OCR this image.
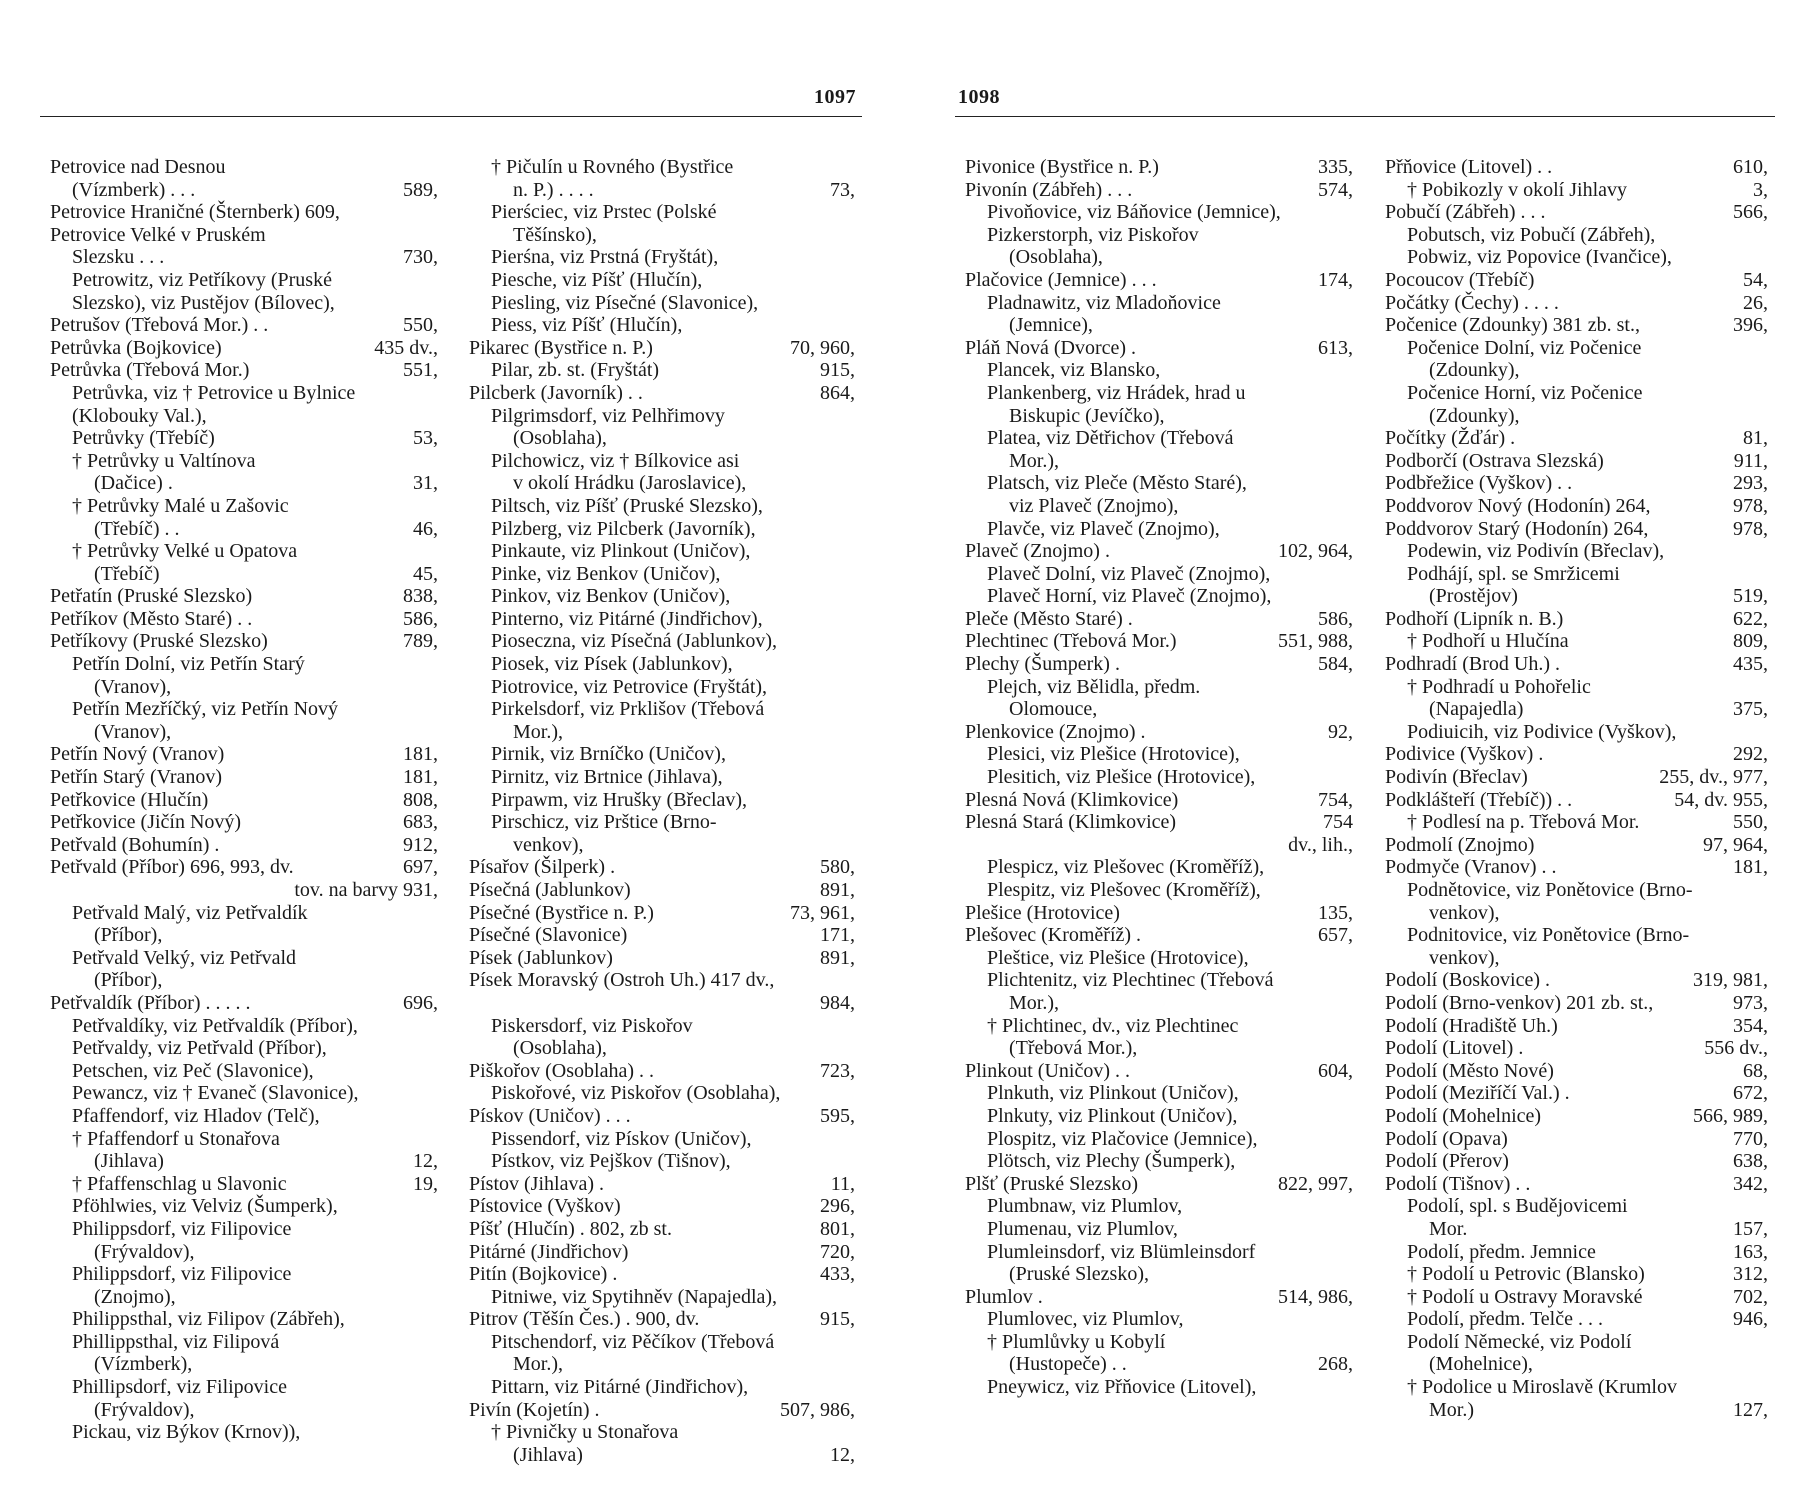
1097
Petrovice nad Desnou
(Vízmberk) . . .	589,
Petrovice Hraničné (Šternberk) 609,
Petrovice Velké v Pruském
Slezsku . . .	730,
Petrowitz, viz Petříkovy (Pruské
Slezsko), viz Pustějov (Bílovec),
Petrušov (Třebová Mor.) . .	550,
Petrůvka (Bojkovice)	435 dv.,
Petrůvka (Třebová Mor.)	551,
Petrůvka, viz † Petrovice u Bylnice
(Klobouky Val.),
Petrůvky (Třebíč)	53,
† Petrůvky u Valtínova
(Dačice) .	31,
† Petrůvky Malé u Zašovic
(Třebíč) . .	46,
† Petrůvky Velké u Opatova
(Třebíč)	45,
Petřatín (Pruské Slezsko)	838,
Petříkov (Město Staré) . .	586,
Petříkovy (Pruské Slezsko)	789,
Petřín Dolní, viz Petřín Starý
(Vranov),
Petřín Mezříčký, viz Petřín Nový
(Vranov),
Petřín Nový (Vranov)	181,
Petřín Starý (Vranov)	181,
Petřkovice (Hlučín)	808,
Petřkovice (Jičín Nový)	683,
Petřvald (Bohumín) .	912,
Petřvald (Příbor) 696, 993, dv.	697,
tov. na barvy 931,
Petřvald Malý, viz Petřvaldík
(Příbor),
Petřvald Velký, viz Petřvald
(Příbor),
Petřvaldík (Příbor) . . . . .	696,
Petřvaldíky, viz Petřvaldík (Příbor),
Petřvaldy, viz Petřvald (Příbor),
Petschen, viz Peč (Slavonice),
Pewancz, viz † Evaneč (Slavonice),
Pfaffendorf, viz Hladov (Telč),
† Pfaffendorf u Stonařova
(Jihlava)	12,
† Pfaffenschlag u Slavonic	19,
Pföhlwies, viz Velviz (Šumperk),
Philippsdorf, viz Filipovice
(Frývaldov),
Philippsdorf, viz Filipovice
(Znojmo),
Philippsthal, viz Filipov (Zábřeh),
Phillippsthal, viz Filipová
(Vízmberk),
Phillipsdorf, viz Filipovice
(Frývaldov),
Pickau, viz Býkov (Krnov)),
† Pičulín u Rovného (Bystřice
n. P.) . . . .	73,
Pierściec, viz Prstec (Polské
Těšínsko),
Pierśna, viz Prstná (Fryštát),
Piesche, viz Píšť (Hlučín),
Piesling, viz Písečné (Slavonice),
Piess, viz Píšť (Hlučín),
Pikarec (Bystřice n. P.)	70, 960,
Pilar, zb. st. (Fryštát)	915,
Pilcberk (Javorník) . .	864,
Pilgrimsdorf, viz Pelhřimovy
(Osoblaha),
Pilchowicz, viz † Bílkovice asi
v okolí Hrádku (Jaroslavice),
Piltsch, viz Píšť (Pruské Slezsko),
Pilzberg, viz Pilcberk (Javorník),
Pinkaute, viz Plinkout (Uničov),
Pinke, viz Benkov (Uničov),
Pinkov, viz Benkov (Uničov),
Pinterno, viz Pitárné (Jindřichov),
Pioseczna, viz Písečná (Jablunkov),
Piosek, viz Písek (Jablunkov),
Piotrovice, viz Petrovice (Fryštát),
Pirkelsdorf, viz Prklišov (Třebová
Mor.),
Pirnik, viz Brníčko (Uničov),
Pirnitz, viz Brtnice (Jihlava),
Pirpawm, viz Hrušky (Břeclav),
Pirschicz, viz Prštice (Brno-
venkov),
Písařov (Šilperk) .	580,
Písečná (Jablunkov)	891,
Písečné (Bystřice n. P.)	73, 961,
Písečné (Slavonice)	171,
Písek (Jablunkov)	891,
Písek Moravský (Ostroh Uh.) 417 dv.,
984,
Piskersdorf, viz Piskořov
(Osoblaha),
Piškořov (Osoblaha) . .	723,
Piskořové, viz Piskořov (Osoblaha),
Pískov (Uničov) . . .	595,
Pissendorf, viz Pískov (Uničov),
Pístkov, viz Pejškov (Tišnov),
Pístov (Jihlava) .	11,
Pístovice (Vyškov)	296,
Píšť (Hlučín) . 802, zb st.	801,
Pitárné (Jindřichov)	720,
Pitín (Bojkovice) .	433,
Pitniwe, viz Spytihněv (Napajedla),
Pitrov (Těšín Čes.) . 900, dv.	915,
Pitschendorf, viz Pěčíkov (Třebová
Mor.),
Pittarn, viz Pitárné (Jindřichov),
Pivín (Kojetín) .	507, 986,
† Pivničky u Stonařova
(Jihlava)	12,
1098
Pivonice (Bystřice n. P.)	335,
Pivonín (Zábřeh) . . .	574,
Pivoňovice, viz Báňovice (Jemnice),
Pizkerstorph, viz Piskořov
(Osoblaha),
Plačovice (Jemnice) . . .	174,
Pladnawitz, viz Mladoňovice
(Jemnice),
Pláň Nová (Dvorce) .	613,
Plancek, viz Blansko,
Plankenberg, viz Hrádek, hrad u
Biskupic (Jevíčko),
Platea, viz Dětřichov (Třebová
Mor.),
Platsch, viz Pleče (Město Staré),
viz Plaveč (Znojmo),
Plavče, viz Plaveč (Znojmo),
Plaveč (Znojmo) .	102, 964,
Plaveč Dolní, viz Plaveč (Znojmo),
Plaveč Horní, viz Plaveč (Znojmo),
Pleče (Město Staré) .	586,
Plechtinec (Třebová Mor.)	551, 988,
Plechy (Šumperk) .	584,
Plejch, viz Bělidla, předm.
Olomouce,
Plenkovice (Znojmo) .	92,
Plesici, viz Plešice (Hrotovice),
Plesitich, viz Plešice (Hrotovice),
Plesná Nová (Klimkovice)	754,
Plesná Stará (Klimkovice)	754
dv., lih.,
Plespicz, viz Plešovec (Kroměříž),
Plespitz, viz Plešovec (Kroměříž),
Plešice (Hrotovice)	135,
Plešovec (Kroměříž) .	657,
Pleštice, viz Plešice (Hrotovice),
Plichtenitz, viz Plechtinec (Třebová
Mor.),
† Plichtinec, dv., viz Plechtinec
(Třebová Mor.),
Plinkout (Uničov) . .	604,
Plnkuth, viz Plinkout (Uničov),
Plnkuty, viz Plinkout (Uničov),
Plospitz, viz Plačovice (Jemnice),
Plötsch, viz Plechy (Šumperk),
Plšť (Pruské Slezsko)	822, 997,
Plumbnaw, viz Plumlov,
Plumenau, viz Plumlov,
Plumleinsdorf, viz Blümleinsdorf
(Pruské Slezsko),
Plumlov .	514, 986,
Plumlovec, viz Plumlov,
† Plumlůvky u Kobylí
(Hustopeče) . .	268,
Pneywicz, viz Přňovice (Litovel),
Přňovice (Litovel) . .	610,
† Pobikozly v okolí Jihlavy	3,
Pobučí (Zábřeh) . . .	566,
Pobutsch, viz Pobučí (Zábřeh),
Pobwiz, viz Popovice (Ivančice),
Pocoucov (Třebíč)	54,
Počátky (Čechy) . . . .	26,
Počenice (Zdounky) 381 zb. st.,	396,
Počenice Dolní, viz Počenice
(Zdounky),
Počenice Horní, viz Počenice
(Zdounky),
Počítky (Žďár) .	81,
Podborčí (Ostrava Slezská)	911,
Podbřežice (Vyškov) . .	293,
Poddvorov Nový (Hodonín) 264,	978,
Poddvorov Starý (Hodonín) 264,	978,
Podewin, viz Podivín (Břeclav),
Podhájí, spl. se Smržicemi
(Prostějov)	519,
Podhoří (Lipník n. B.)	622,
† Podhoří u Hlučína	809,
Podhradí (Brod Uh.) .	435,
† Podhradí u Pohořelic
(Napajedla)	375,
Podiuicih, viz Podivice (Vyškov),
Podivice (Vyškov) .	292,
Podivín (Břeclav)	255, dv., 977,
Podklášteří (Třebíč)) . .	54, dv. 955,
† Podlesí na p. Třebová Mor.	550,
Podmolí (Znojmo)	97, 964,
Podmyče (Vranov) . .	181,
Podnětovice, viz Ponětovice (Brno-
venkov),
Podnitovice, viz Ponětovice (Brno-
venkov),
Podolí (Boskovice) .	319, 981,
Podolí (Brno-venkov) 201 zb. st.,	973,
Podolí (Hradiště Uh.)	354,
Podolí (Litovel) .	556 dv.,
Podolí (Město Nové)	68,
Podolí (Meziříčí Val.) .	672,
Podolí (Mohelnice)	566, 989,
Podolí (Opava)	770,
Podolí (Přerov)	638,
Podolí (Tišnov) . .	342,
Podolí, spl. s Budějovicemi
Mor.	157,
Podolí, předm. Jemnice	163,
† Podolí u Petrovic (Blansko)	312,
† Podolí u Ostravy Moravské	702,
Podolí, předm. Telče . . .	946,
Podolí Německé, viz Podolí
(Mohelnice),
† Podolice u Miroslavě (Krumlov
Mor.)	127,
